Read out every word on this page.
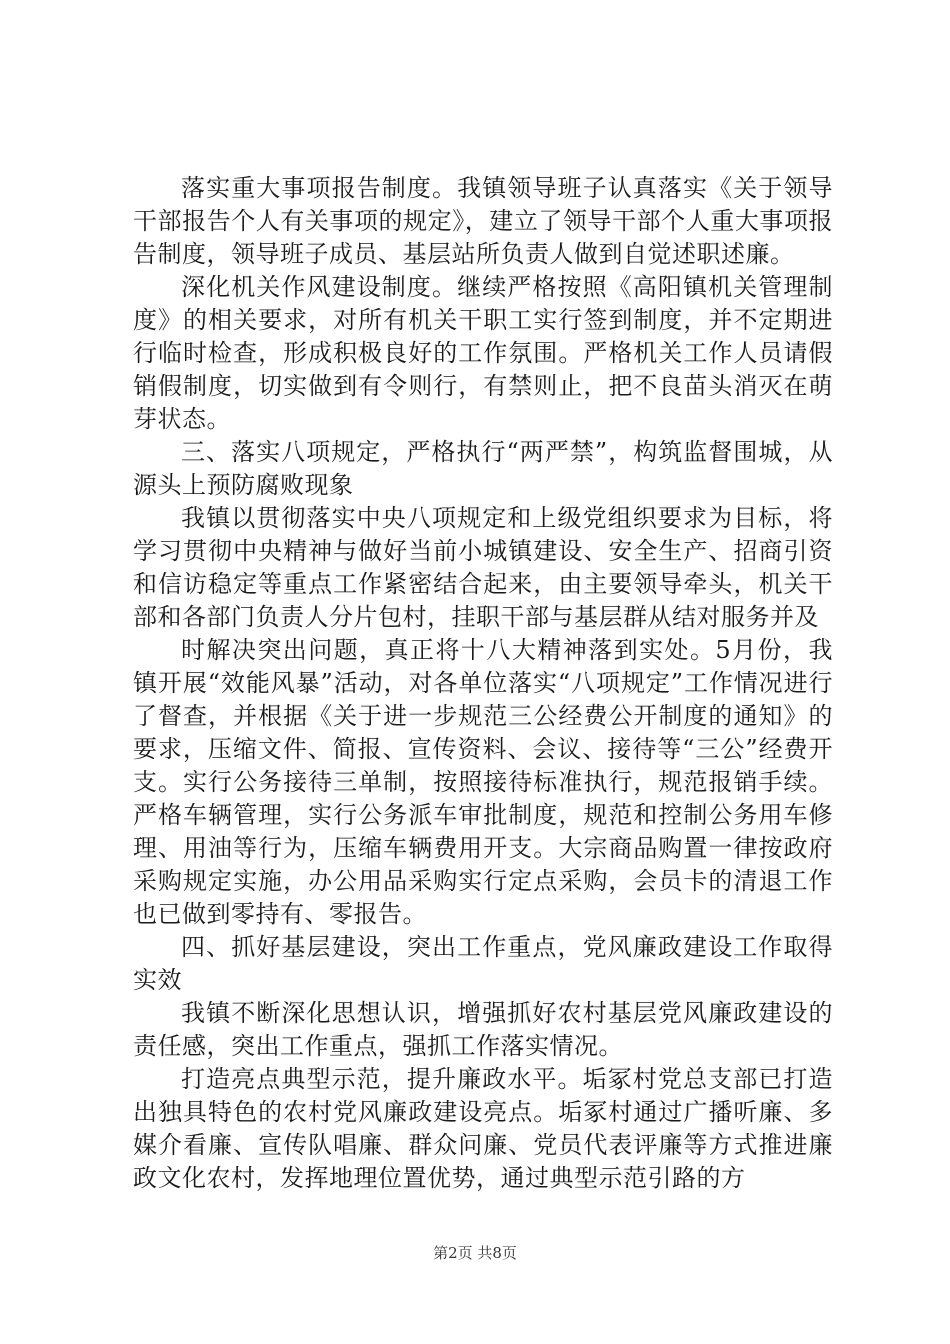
落实重大事项报告制度。我镇领导班子认真落实《关于领导干部报告个人有关事项的规定》，建立了领导干部个人重大事项报告制度，领导班子成员、基层站所负责人做到自觉述职述廉。

深化机关作风建设制度。继续严格按照《高阳镇机关管理制度》的相关要求，对所有机关干职工实行签到制度，并不定期进行临时检查，形成积极良好的工作氛围。严格机关工作人员请假销假制度，切实做到有令则行，有禁则止，把不良苗头消灭在萌芽状态。

三、落实八项规定，严格执行“两严禁”，构筑监督围城，从源头上预防腐败现象

我镇以贯彻落实中央八项规定和上级党组织要求为目标，将学习贯彻中央精神与做好当前小城镇建设、安全生产、招商引资和信访稳定等重点工作紧密结合起来，由主要领导牵头，机关干部和各部门负责人分片包村，挂职干部与基层群从结对服务并及

时解决突出问题，真正将十八大精神落到实处。5月份，我镇开展“效能风暴”活动，对各单位落实“八项规定”工作情况进行了督查，并根据《关于进一步规范三公经费公开制度的通知》的要求，压缩文件、简报、宣传资料、会议、接待等“三公”经费开支。实行公务接待三单制，按照接待标准执行，规范报销手续。严格车辆管理，实行公务派车审批制度，规范和控制公务用车修理、用油等行为，压缩车辆费用开支。大宗商品购置一律按政府采购规定实施，办公用品采购实行定点采购，会员卡的清退工作也已做到零持有、零报告。

四、抓好基层建设，突出工作重点，党风廉政建设工作取得实效

我镇不断深化思想认识，增强抓好农村基层党风廉政建设的责任感，突出工作重点，强抓工作落实情况。

打造亮点典型示范，提升廉政水平。垢冢村党总支部已打造出独具特色的农村党风廉政建设亮点。垢冢村通过广播听廉、多媒介看廉、宣传队唱廉、群众问廉、党员代表评廉等方式推进廉政文化农村，发挥地理位置优势，通过典型示范引路的方

第2页 共8页
